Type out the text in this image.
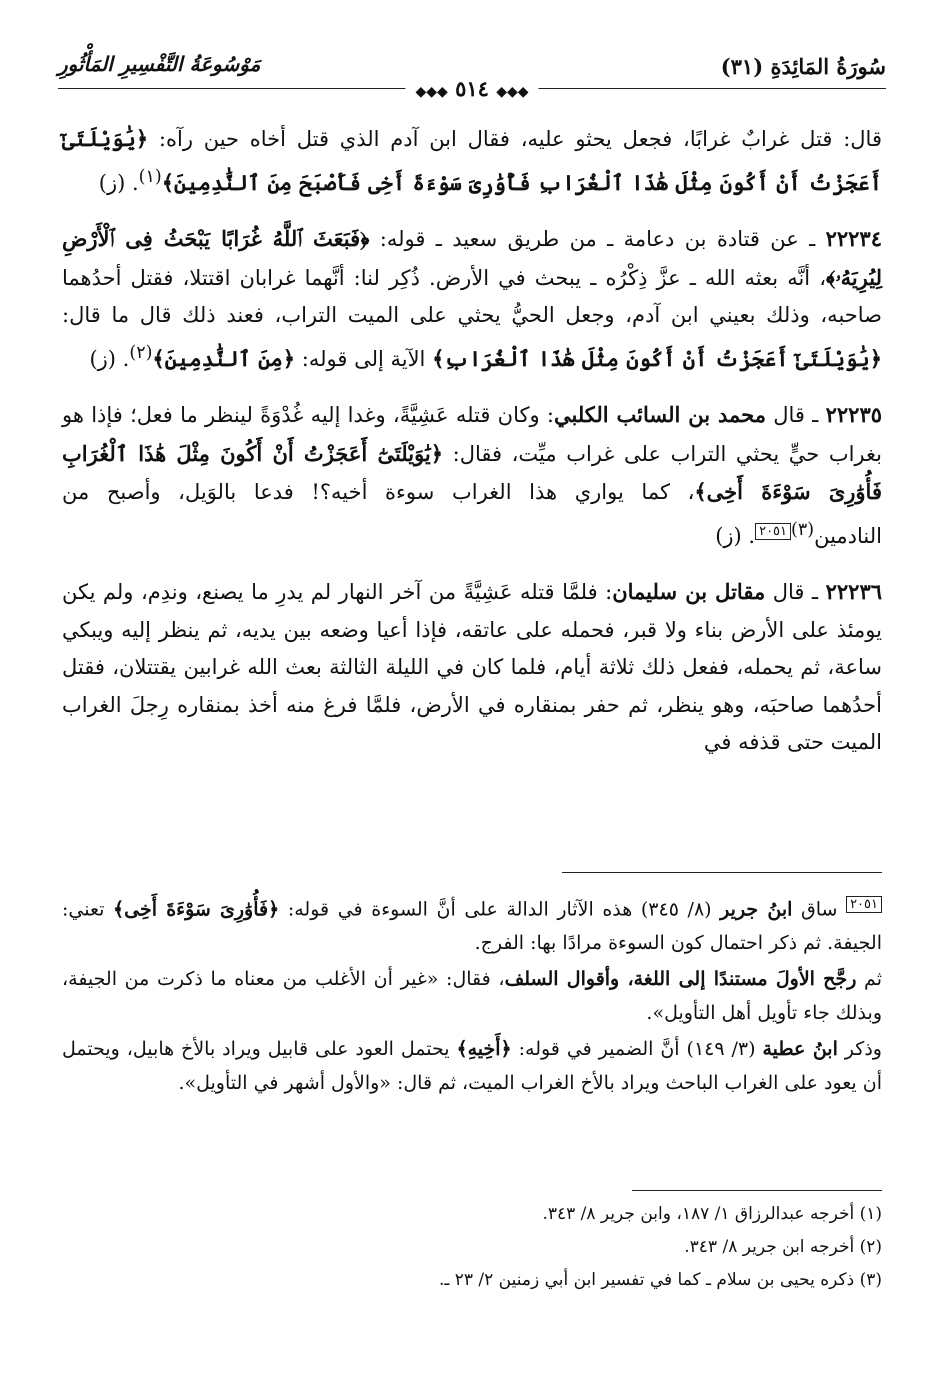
سُورَةُ المَائِدَةِ (٣١)
مَوْسُوعَةُ التَّفْسِيرِ المَأْثُورِ
◆◆◆ ٥١٤ ◆◆◆

قال: قتل غرابٌ غرابًا، فجعل يحثو عليه، فقال ابن آدم الذي قتل أخاه حين رآه: ﴿يَٰوَيْلَتَىٰٓ أَعَجَزْتُ أَنْ أَكُونَ مِثْلَ هَٰذَا ٱلْغُرَابِ فَأُوَٰرِىَ سَوْءَةَ أَخِى فَأَصْبَحَ مِنَ ٱلنَّٰدِمِينَ﴾$^{(١)}$. (ز)

٢٢٢٣٤ ـ عن قتادة بن دعامة ـ من طريق سعيد ـ قوله: ﴿فَبَعَثَ ٱللَّهُ غُرَابًا يَبْحَثُ فِى ٱلْأَرْضِ لِيُرِيَهُۥ﴾، أنَّه بعثه الله ـ عزَّ ذِكْرُه ـ يبحث في الأرض. ذُكِر لنا: أنَّهما غرابان اقتتلا، فقتل أحدُهما صاحبه، وذلك بعيني ابن آدم، وجعل الحيُّ يحثي على الميت التراب، فعند ذلك قال ما قال: ﴿يَٰوَيْلَتَىٰٓ أَعَجَزْتُ أَنْ أَكُونَ مِثْلَ هَٰذَا ٱلْغُرَابِ﴾ الآية إلى قوله: ﴿مِنَ ٱلنَّٰدِمِينَ﴾$^{(٢)}$. (ز)

٢٢٢٣٥ ـ قال محمد بن السائب الكلبي: وكان قتله عَشِيَّةً، وغدا إليه غُدْوَةً لينظر ما فعل؛ فإذا هو بغراب حيٍّ يحثي التراب على غراب ميِّت، فقال: ﴿يَٰوَيْلَتَىٰٓ أَعَجَزْتُ أَنْ أَكُونَ مِثْلَ هَٰذَا ٱلْغُرَابِ فَأُوَٰرِىَ سَوْءَةَ أَخِى﴾، كما يواري هذا الغراب سوءة أخيه؟! فدعا بالوَيل، وأصبح من النادمين$^{(٣)٢٠٥١}$. (ز)

٢٢٢٣٦ ـ قال مقاتل بن سليمان: فلمَّا قتله عَشِيَّةً من آخر النهار لم يدرِ ما يصنع، وندِم، ولم يكن يومئذ على الأرض بناء ولا قبر، فحمله على عاتقه، فإذا أعيا وضعه بين يديه، ثم ينظر إليه ويبكي ساعة، ثم يحمله، ففعل ذلك ثلاثة أيام، فلما كان في الليلة الثالثة بعث الله غرابين يقتتلان، فقتل أحدُهما صاحبَه، وهو ينظر، ثم حفر بمنقاره في الأرض، فلمَّا فرغ منه أخذ بمنقاره رِجلَ الغراب الميت حتى قذفه في

$^{٢٠٥١}$ ساق ابنُ جرير (٨/ ٣٤٥) هذه الآثار الدالة على أنَّ السوءة في قوله: ﴿فَأُوَٰرِىَ سَوْءَةَ أَخِى﴾ تعني: الجيفة. ثم ذكر احتمال كون السوءة مرادًا بها: الفرج.

ثم رجَّح الأولَ مستندًا إلى اللغة، وأقوال السلف، فقال: «غير أن الأغلب من معناه ما ذكرت من الجيفة، وبذلك جاء تأويل أهل التأويل».

وذكر ابنُ عطية (٣/ ١٤٩) أنَّ الضمير في قوله: ﴿أَخِيهِ﴾ يحتمل العود على قابيل ويراد بالأخ هابيل، ويحتمل أن يعود على الغراب الباحث ويراد بالأخ الغراب الميت، ثم قال: «والأول أشهر في التأويل».

(١) أخرجه عبدالرزاق ١/ ١٨٧، وابن جرير ٨/ ٣٤٣.

(٢) أخرجه ابن جرير ٨/ ٣٤٣.

(٣) ذكره يحيى بن سلام ـ كما في تفسير ابن أبي زمنين ٢/ ٢٣ ـ.
